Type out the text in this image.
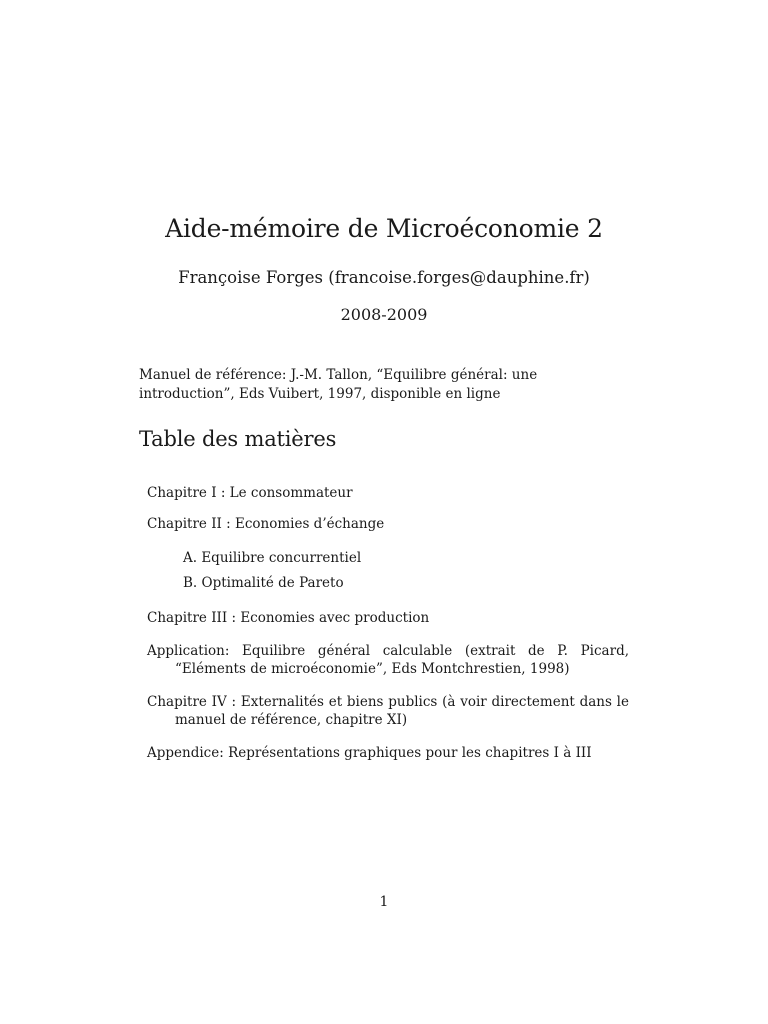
Aide-mémoire de Microéconomie 2
Françoise Forges (francoise.forges@dauphine.fr)
2008-2009

Manuel de référence: J.-M. Tallon, “Equilibre général: une introduction”, Eds Vuibert, 1997, disponible en ligne

Table des matières
Chapitre I : Le consommateur
Chapitre II : Economies d’échange
A. Equilibre concurrentiel
B. Optimalité de Pareto
Chapitre III : Economies avec production
Application: Equilibre général calculable (extrait de P. Picard, “Eléments de microéconomie”, Eds Montchrestien, 1998)
Chapitre IV : Externalités et biens publics (à voir directement dans le manuel de référence, chapitre XI)
Appendice: Représentations graphiques pour les chapitres I à III
1
